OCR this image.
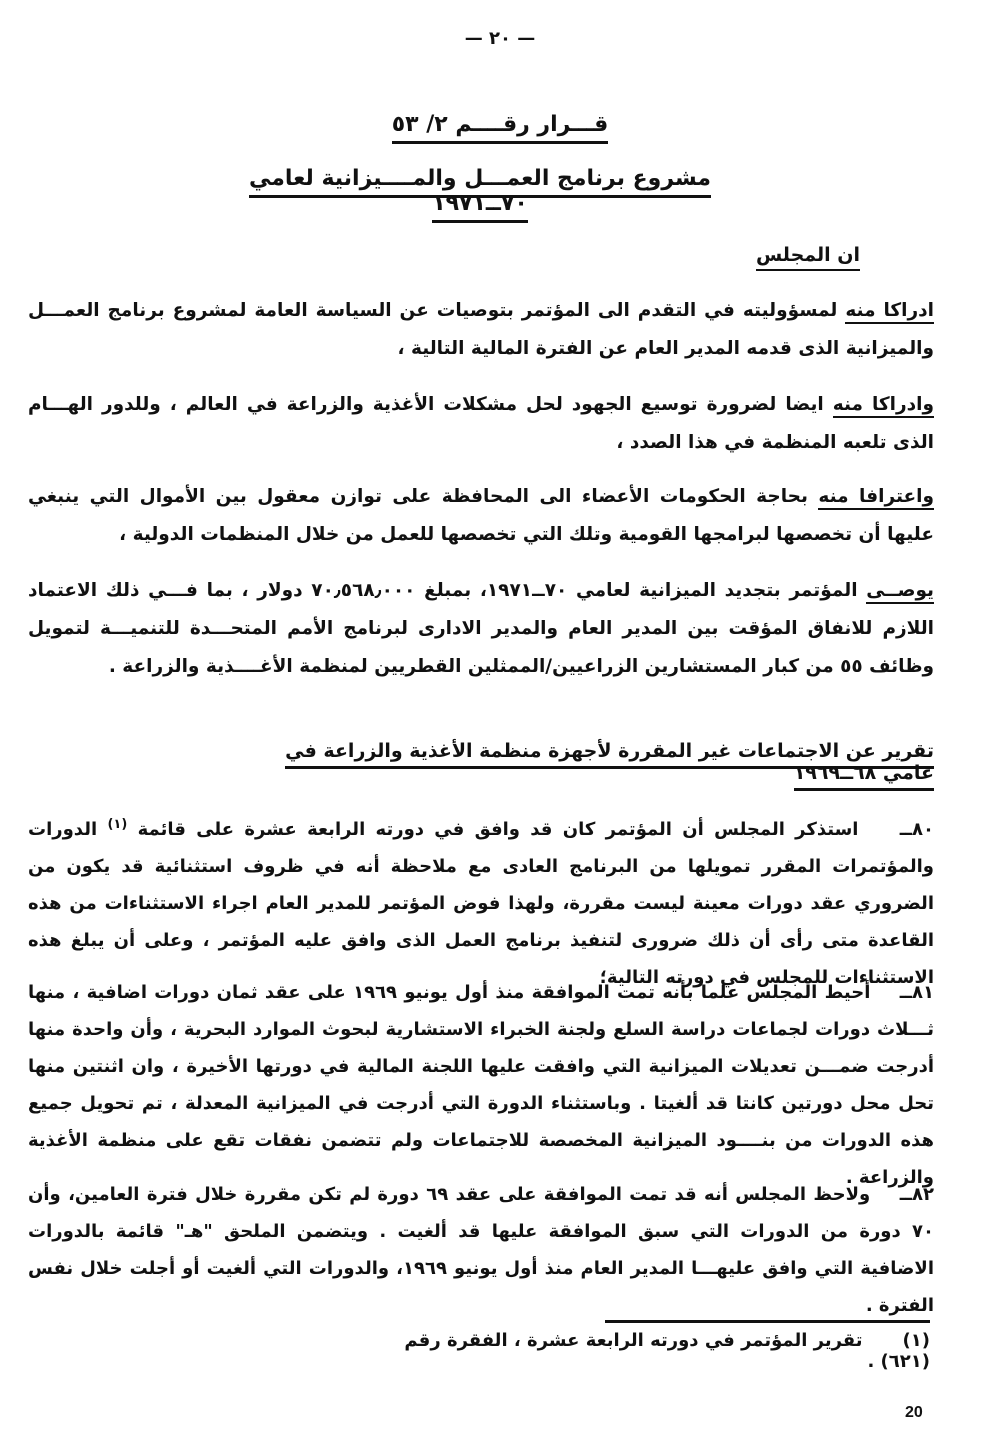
— ٢٠ —
قـــرار رقــــم ٢/ ٥٣
مشروع برنامج العمـــل والمــــيزانية لعامي ٧٠ــ١٩٧١
ان المجلس
ادراكا منه لمسؤوليته في التقدم الى المؤتمر بتوصيات عن السياسة العامة لمشروع برنامج العمـــل والميزانية الذى قدمه المدير العام عن الفترة المالية التالية ،
وادراكا منه ايضا لضرورة توسيع الجهود لحل مشكلات الأغذية والزراعة في العالم ، وللدور الهـــام الذى تلعبه المنظمة في هذا الصدد ،
واعترافا منه بحاجة الحكومات الأعضاء الى المحافظة على توازن معقول بين الأموال التي ينبغي عليها أن تخصصها لبرامجها القومية وتلك التي تخصصها للعمل من خلال المنظمات الدولية ،
يوصــى المؤتمر بتجديد الميزانية لعامي ٧٠ــ١٩٧١، بمبلغ ٧٠٫٥٦٨٫٠٠٠ دولار ، بما فـــي ذلك الاعتماد اللازم للانفاق المؤقت بين المدير العام والمدير الادارى لبرنامج الأمم المتحـــدة للتنميـــة لتمويل وظائف ٥٥ من كبار المستشارين الزراعيين/الممثلين القطريين لمنظمة الأغــــذية والزراعة .
تقرير عن الاجتماعات غير المقررة لأجهزة منظمة الأغذية والزراعة في عامي ٦٨ــ١٩٦٩
٨٠ــ    استذكر المجلس أن المؤتمر كان قد وافق في دورته الرابعة عشرة على قائمة $^{(١)}$ الدورات والمؤتمرات المقرر تمويلها من البرنامج العادى مع ملاحظة أنه في ظروف استثنائية قد يكون من الضروري عقد دورات معينة ليست مقررة، ولهذا فوض المؤتمر للمدير العام اجراء الاستثناءات من هذه القاعدة متى رأى أن ذلك ضرورى لتنفيذ برنامج العمل الذى وافق عليه المؤتمر ، وعلى أن يبلغ هذه الاستثناءات للمجلس في دورته التالية؛
٨١ــ    أحيط المجلس علما بأنه تمت الموافقة منذ أول يونيو ١٩٦٩ على عقد ثمان دورات اضافية ، منها ثـــلاث دورات لجماعات دراسة السلع ولجنة الخبراء الاستشارية لبحوث الموارد البحرية ، وأن واحدة منها أدرجت ضمـــن تعديلات الميزانية التي وافقت عليها اللجنة المالية في دورتها الأخيرة ، وان اثنتين منها تحل محل دورتين كانتا قد ألغيتا . وباستثناء الدورة التي أدرجت في الميزانية المعدلة ، تم تحويل جميع هذه الدورات من بنــــود الميزانية المخصصة للاجتماعات ولم تتضمن نفقات تقع على منظمة الأغذية والزراعة .
٨٢ــ    ولاحظ المجلس أنه قد تمت الموافقة على عقد ٦٩ دورة لم تكن مقررة خلال فترة العامين، وأن ٧٠ دورة من الدورات التي سبق الموافقة عليها قد ألغيت . ويتضمن الملحق "هـ" قائمة بالدورات الاضافية التي وافق عليهـــا المدير العام منذ أول يونيو ١٩٦٩، والدورات التي ألغيت أو أجلت خلال نفس الفترة .
(١)تقرير المؤتمر في دورته الرابعة عشرة ، الفقرة رقم (٦٢١) .
20
